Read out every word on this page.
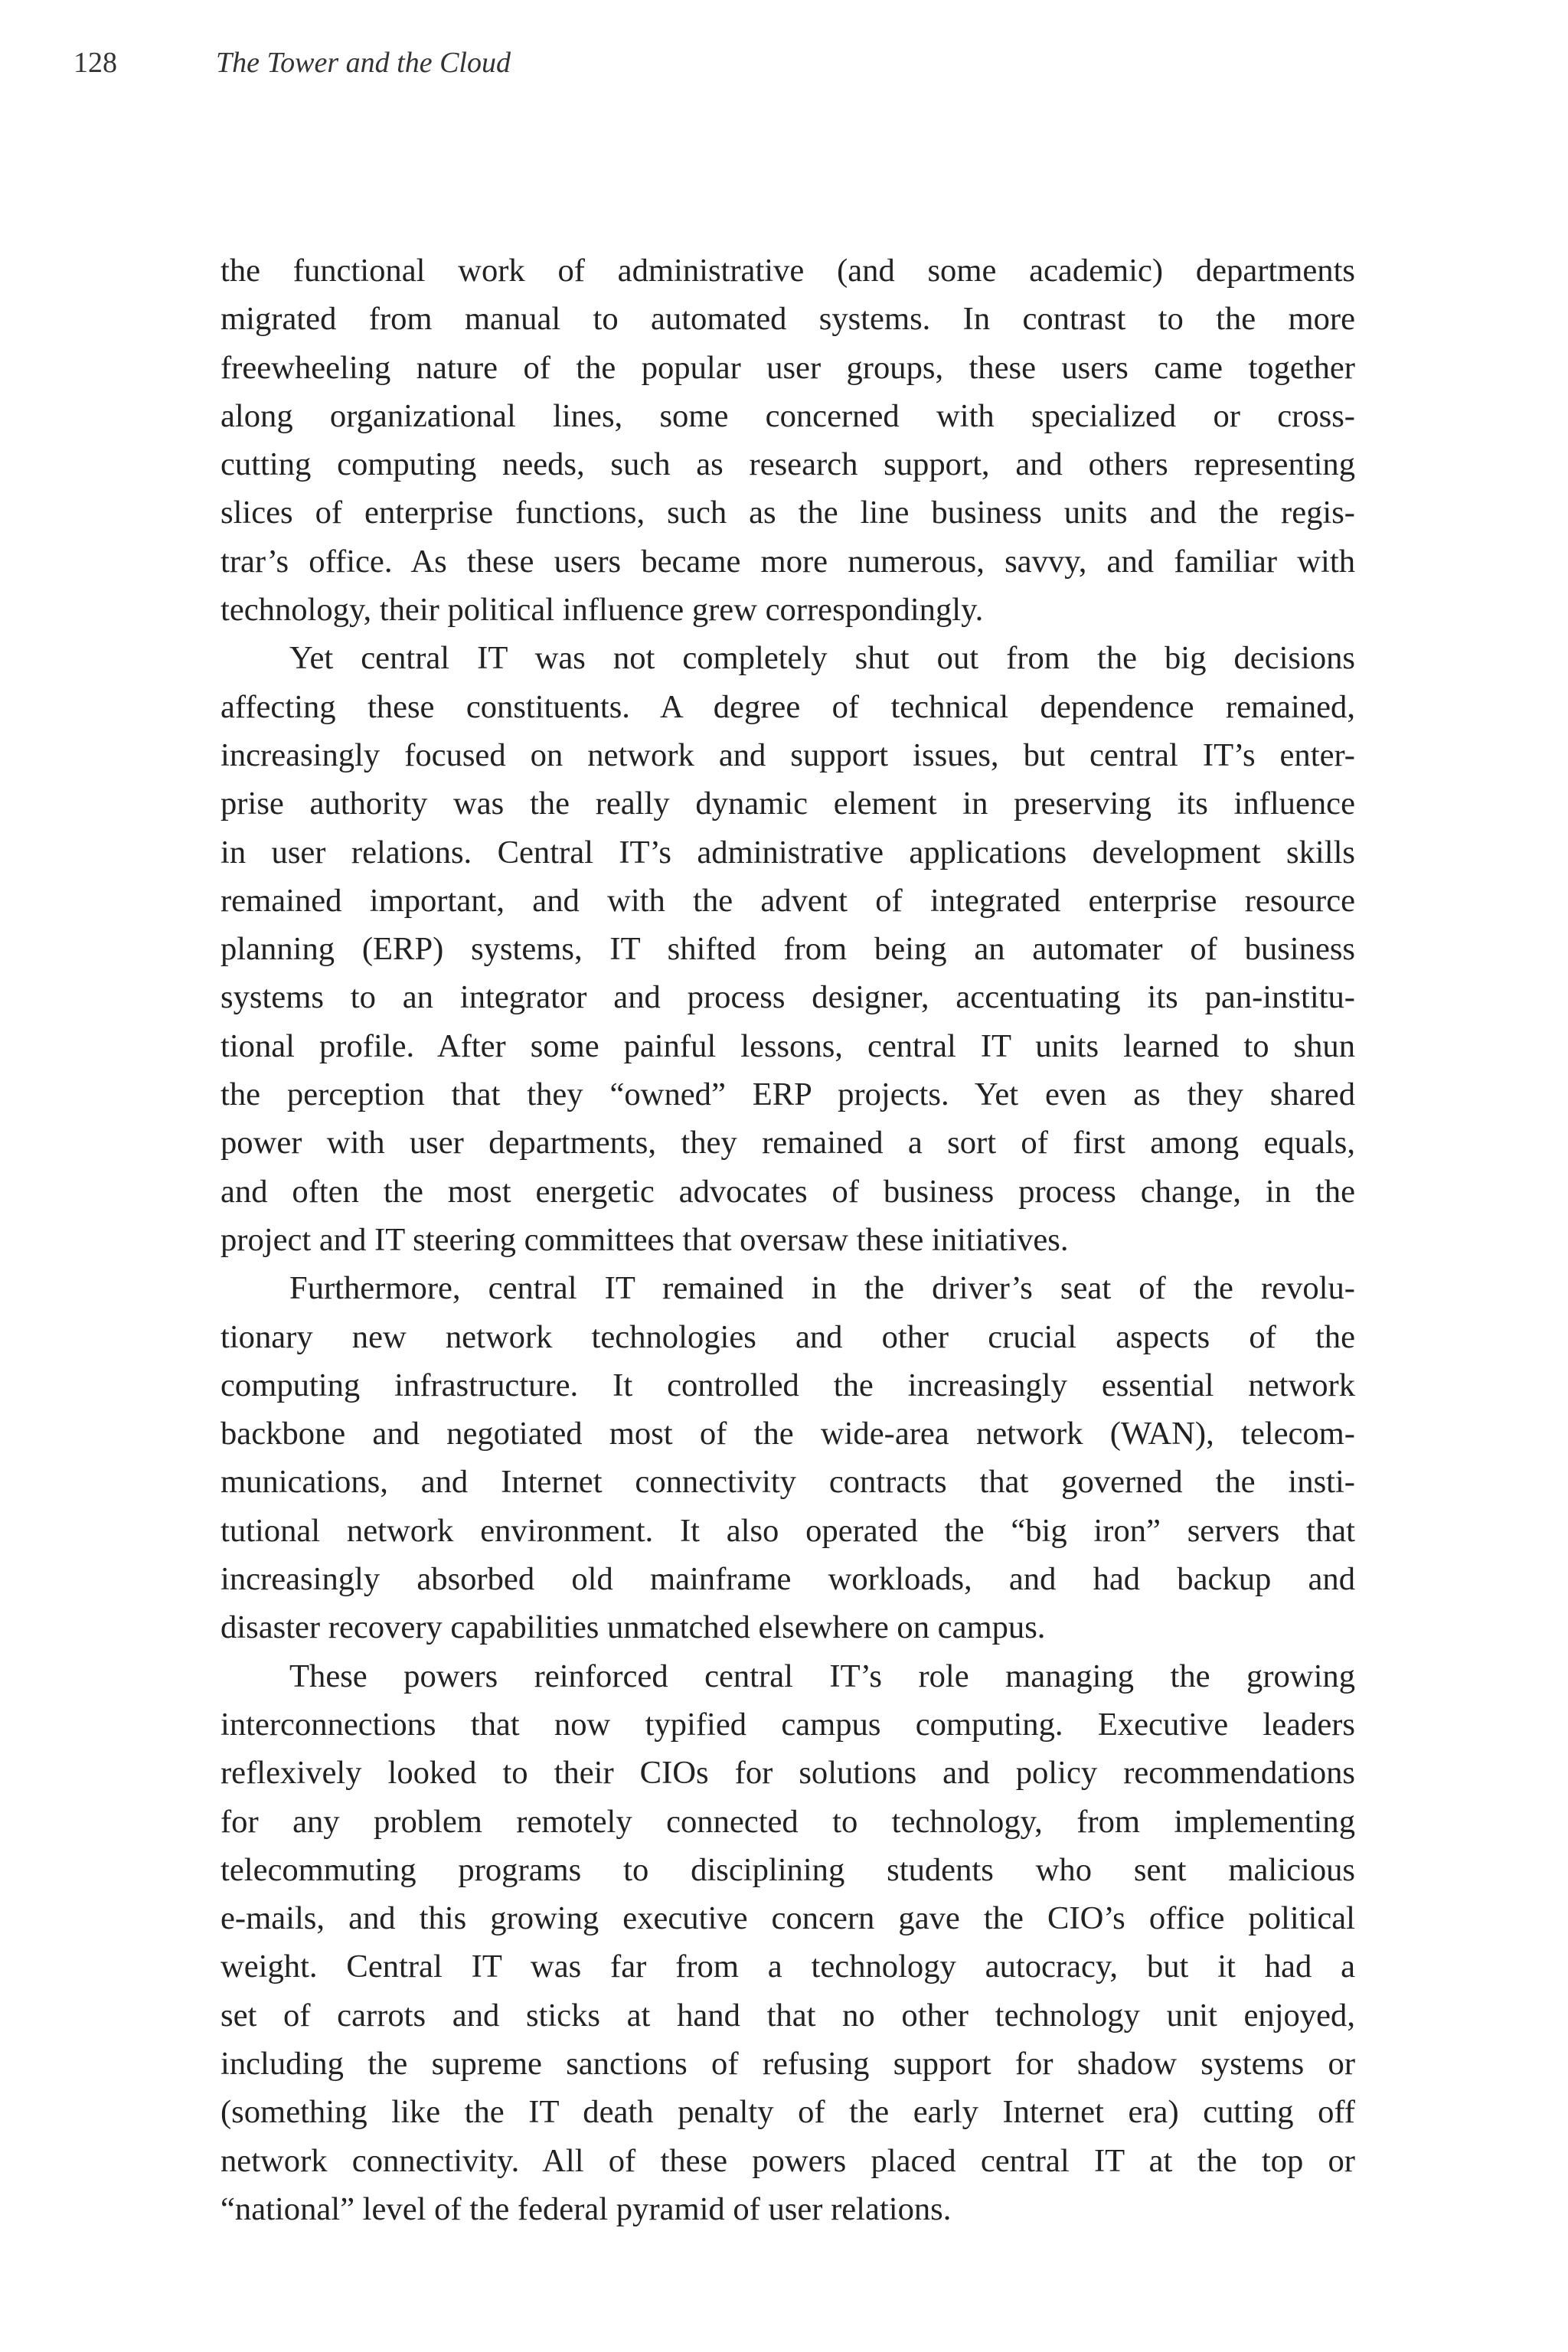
128	The Tower and the Cloud
the functional work of administrative (and some academic) departments
migrated from manual to automated systems. In contrast to the more
freewheeling nature of the popular user groups, these users came together
along organizational lines, some concerned with specialized or cross-
cutting computing needs, such as research support, and others representing
slices of enterprise functions, such as the line business units and the regis-
trar’s office. As these users became more numerous, savvy, and familiar with
technology, their political influence grew correspondingly.
Yet central IT was not completely shut out from the big decisions
affecting these constituents. A degree of technical dependence remained,
increasingly focused on network and support issues, but central IT’s enter-
prise authority was the really dynamic element in preserving its influence
in user relations. Central IT’s administrative applications development skills
remained important, and with the advent of integrated enterprise resource
planning (ERP) systems, IT shifted from being an automater of business
systems to an integrator and process designer, accentuating its pan-institu-
tional profile. After some painful lessons, central IT units learned to shun
the perception that they “owned” ERP projects. Yet even as they shared
power with user departments, they remained a sort of first among equals,
and often the most energetic advocates of business process change, in the
project and IT steering committees that oversaw these initiatives.
Furthermore, central IT remained in the driver’s seat of the revolu-
tionary new network technologies and other crucial aspects of the
computing infrastructure. It controlled the increasingly essential network
backbone and negotiated most of the wide-area network (WAN), telecom-
munications, and Internet connectivity contracts that governed the insti-
tutional network environment. It also operated the “big iron” servers that
increasingly absorbed old mainframe workloads, and had backup and
disaster recovery capabilities unmatched elsewhere on campus.
These powers reinforced central IT’s role managing the growing
interconnections that now typified campus computing. Executive leaders
reflexively looked to their CIOs for solutions and policy recommendations
for any problem remotely connected to technology, from implementing
telecommuting programs to disciplining students who sent malicious
e-mails, and this growing executive concern gave the CIO’s office political
weight. Central IT was far from a technology autocracy, but it had a
set of carrots and sticks at hand that no other technology unit enjoyed,
including the supreme sanctions of refusing support for shadow systems or
(something like the IT death penalty of the early Internet era) cutting off
network connectivity. All of these powers placed central IT at the top or
“national” level of the federal pyramid of user relations.
